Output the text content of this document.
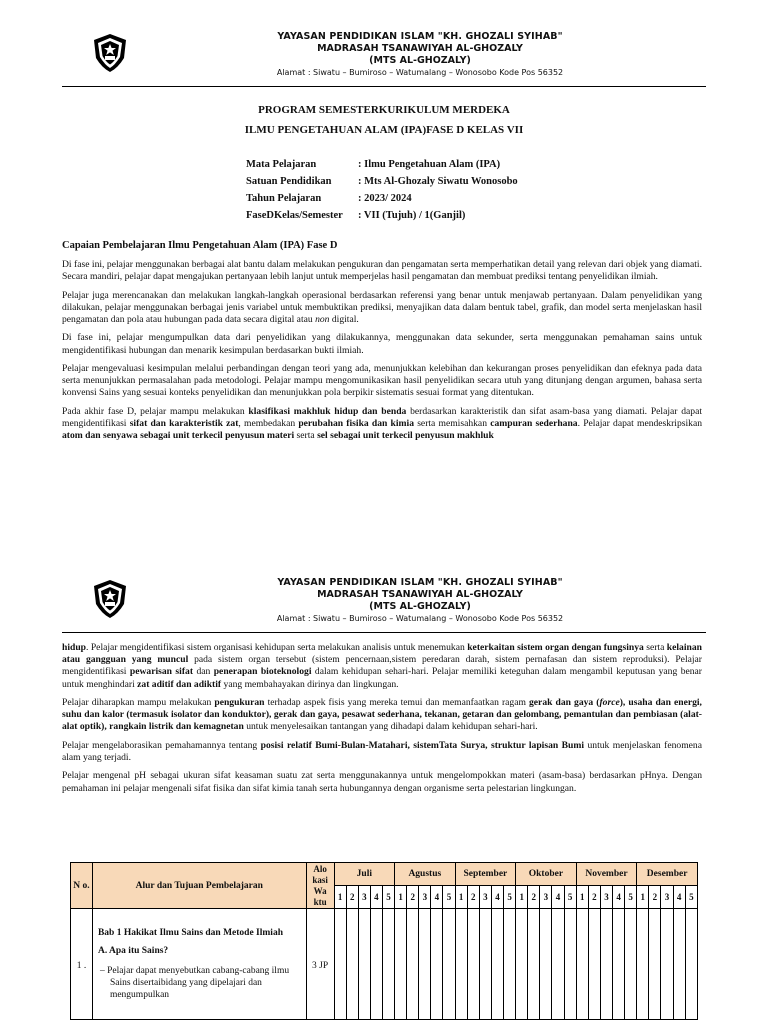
YAYASAN PENDIDIKAN ISLAM "KH. GHOZALI SYIHAB"
MADRASAH TSANAWIYAH AL-GHOZALY
(MTS AL-GHOZALY)
Alamat : Siwatu – Bumiroso – Watumalang – Wonosobo Kode Pos 56352
PROGRAM SEMESTERKURIKULUM MERDEKA
ILMU PENGETAHUAN ALAM (IPA)FASE D KELAS VII
Mata Pelajaran	: Ilmu Pengetahuan Alam (IPA)
Satuan Pendidikan	: Mts Al-Ghozaly Siwatu Wonosobo
Tahun Pelajaran	: 2023/ 2024
FaseDKelas/Semester	: VII (Tujuh) / 1(Ganjil)
Capaian Pembelajaran Ilmu Pengetahuan Alam (IPA) Fase D

Di fase ini, pelajar menggunakan berbagai alat bantu dalam melakukan pengukuran dan pengamatan serta memperhatikan detail yang relevan dari objek yang diamati. Secara mandiri, pelajar dapat mengajukan pertanyaan lebih lanjut untuk memperjelas hasil pengamatan dan membuat prediksi tentang penyelidikan ilmiah.

Pelajar juga merencanakan dan melakukan langkah-langkah operasional berdasarkan referensi yang benar untuk menjawab pertanyaan. Dalam penyelidikan yang dilakukan, pelajar menggunakan berbagai jenis variabel untuk membuktikan prediksi, menyajikan data dalam bentuk tabel, grafik, dan model serta menjelaskan hasil pengamatan dan pola atau hubungan pada data secara digital atau non digital.

Di fase ini, pelajar mengumpulkan data dari penyelidikan yang dilakukannya, menggunakan data sekunder, serta menggunakan pemahaman sains untuk mengidentifikasi hubungan dan menarik kesimpulan berdasarkan bukti ilmiah.

Pelajar mengevaluasi kesimpulan melalui perbandingan dengan teori yang ada, menunjukkan kelebihan dan kekurangan proses penyelidikan dan efeknya pada data serta menunjukkan permasalahan pada metodologi. Pelajar mampu mengomunikasikan hasil penyelidikan secara utuh yang ditunjang dengan argumen, bahasa serta konvensi Sains yang sesuai konteks penyelidikan dan menunjukkan pola berpikir sistematis sesuai format yang ditentukan.

Pada akhir fase D, pelajar mampu melakukan klasifikasi makhluk hidup dan benda berdasarkan karakteristik dan sifat asam-basa yang diamati. Pelajar dapat mengidentifikasi sifat dan karakteristik zat, membedakan perubahan fisika dan kimia serta memisahkan campuran sederhana. Pelajar dapat mendeskripsikan atom dan senyawa sebagai unit terkecil penyusun materi serta sel sebagai unit terkecil penyusun makhluk

YAYASAN PENDIDIKAN ISLAM "KH. GHOZALI SYIHAB"
MADRASAH TSANAWIYAH AL-GHOZALY
(MTS AL-GHOZALY)
Alamat : Siwatu – Bumiroso – Watumalang – Wonosobo Kode Pos 56352

hidup. Pelajar mengidentifikasi sistem organisasi kehidupan serta melakukan analisis untuk menemukan keterkaitan sistem organ dengan fungsinya serta kelainan atau gangguan yang muncul pada sistem organ tersebut (sistem pencernaan,sistem peredaran darah, sistem pernafasan dan sistem reproduksi). Pelajar mengidentifikasi pewarisan sifat dan penerapan bioteknologi dalam kehidupan sehari-hari. Pelajar memiliki keteguhan dalam mengambil keputusan yang benar untuk menghindari zat aditif dan adiktif yang membahayakan dirinya dan lingkungan.

Pelajar diharapkan mampu melakukan pengukuran terhadap aspek fisis yang mereka temui dan memanfaatkan ragam gerak dan gaya (force), usaha dan energi, suhu dan kalor (termasuk isolator dan konduktor), gerak dan gaya, pesawat sederhana, tekanan, getaran dan gelombang, pemantulan dan pembiasan (alat-alat optik), rangkain listrik dan kemagnetan untuk menyelesaikan tantangan yang dihadapi dalam kehidupan sehari-hari.

Pelajar mengelaborasikan pemahamannya tentang posisi relatif Bumi-Bulan-Matahari, sistemTata Surya, struktur lapisan Bumi untuk menjelaskan fenomena alam yang terjadi.

Pelajar mengenal pH sebagai ukuran sifat keasaman suatu zat serta menggunakannya untuk mengelompokkan materi (asam-basa) berdasarkan pHnya. Dengan pemahaman ini pelajar mengenali sifat fisika dan sifat kimia tanah serta hubungannya dengan organisme serta pelestarian lingkungan.

N o.	Alur dan Tujuan Pembelajaran	Alo kasi Wa ktu	Juli					Agustus					September					Oktober					November					Desember				
			1	2	3	4	5	1	2	3	4	5	1	2	3	4	5	1	2	3	4	5	1	2	3	4	5	1	2	3	4	5
1 .	Bab 1 Hakikat Ilmu Sains dan Metode Ilmiah
A. Apa itu Sains?
– Pelajar dapat menyebutkan cabang-cabang ilmu Sains disertaibidang yang dipelajari dan mengumpulkan	3 JP																														
